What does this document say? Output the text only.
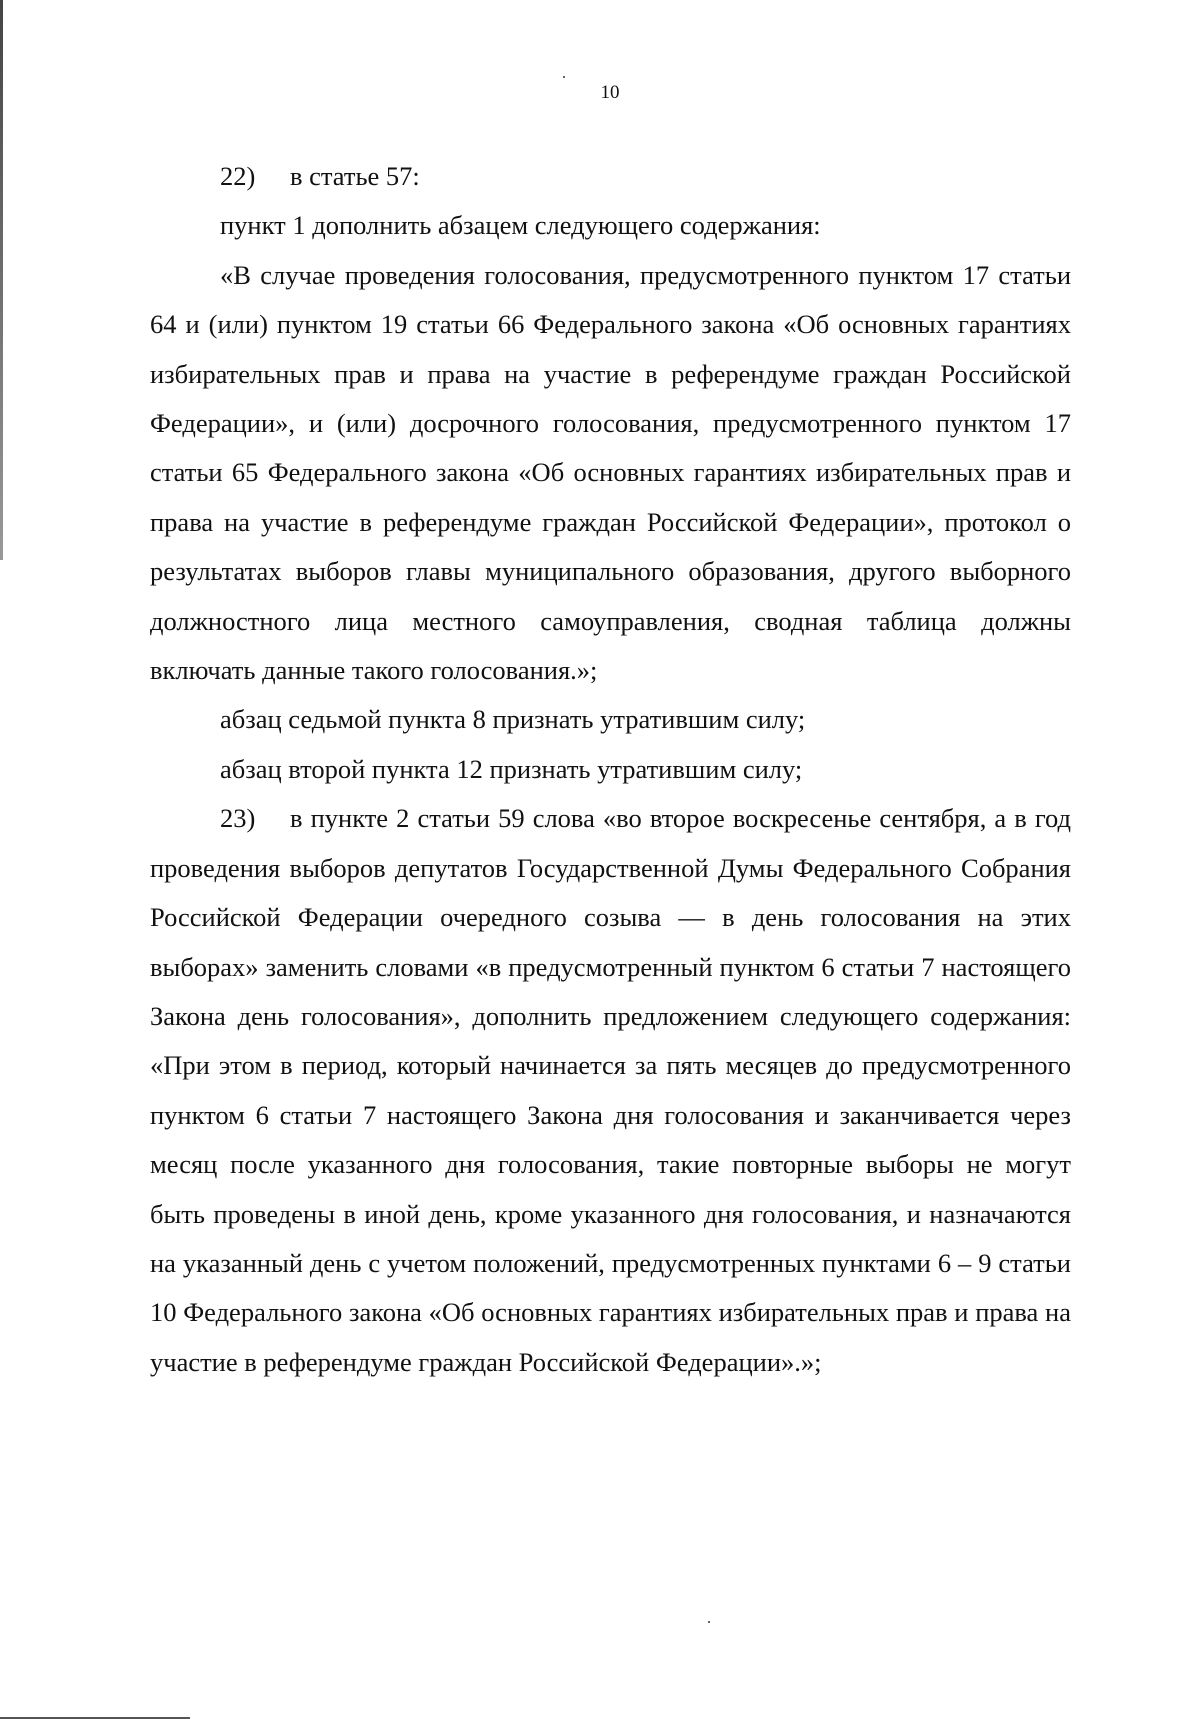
10

22) в статье 57:

пункт 1 дополнить абзацем следующего содержания:

«В случае проведения голосования, предусмотренного пунктом 17 статьи 64 и (или) пунктом 19 статьи 66 Федерального закона «Об основных гарантиях избирательных прав и права на участие в референдуме граждан Российской Федерации», и (или) досрочного голосования, предусмотренного пунктом 17 статьи 65 Федерального закона «Об основных гарантиях избирательных прав и права на участие в референдуме граждан Российской Федерации», протокол о результатах выборов главы муниципального образования, другого выборного должностного лица местного самоуправления, сводная таблица должны включать данные такого голосования.»;

абзац седьмой пункта 8 признать утратившим силу;

абзац второй пункта 12 признать утратившим силу;

23) в пункте 2 статьи 59 слова «во второе воскресенье сентября, а в год проведения выборов депутатов Государственной Думы Федерального Собрания Российской Федерации очередного созыва — в день голосования на этих выборах» заменить словами «в предусмотренный пунктом 6 статьи 7 настоящего Закона день голосования», дополнить предложением следующего содержания: «При этом в период, который начинается за пять месяцев до предусмотренного пунктом 6 статьи 7 настоящего Закона дня голосования и заканчивается через месяц после указанного дня голосования, такие повторные выборы не могут быть проведены в иной день, кроме указанного дня голосования, и назначаются на указанный день с учетом положений, предусмотренных пунктами 6 – 9 статьи 10 Федерального закона «Об основных гарантиях избирательных прав и права на участие в референдуме граждан Российской Федерации».»;
